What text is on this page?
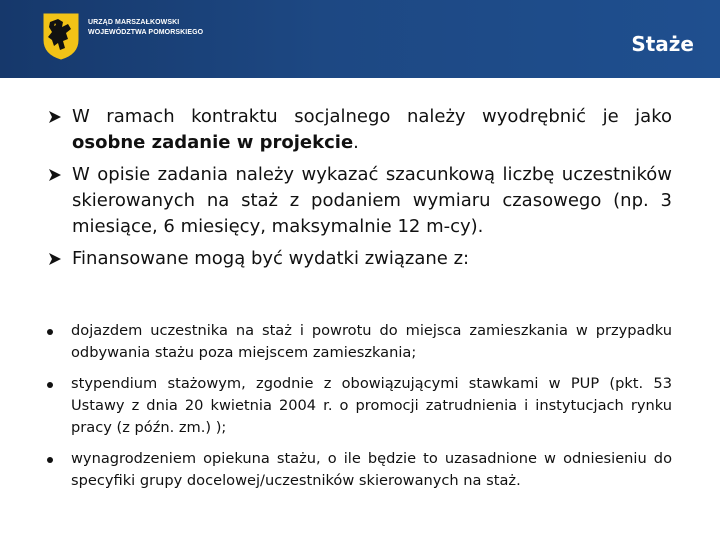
URZĄD MARSZAŁKOWSKI
WOJEWÓDZTWA POMORSKIEGO	Staże
W ramach kontraktu socjalnego należy wyodrębnić je jako osobne zadanie w projekcie.
W opisie zadania należy wykazać szacunkową liczbę uczestników skierowanych na staż z podaniem wymiaru czasowego (np. 3 miesiące, 6 miesięcy, maksymalnie 12 m-cy).
Finansowane mogą być wydatki związane z:
dojazdem uczestnika na staż i powrotu do miejsca zamieszkania w przypadku odbywania stażu poza miejscem zamieszkania;
stypendium stażowym, zgodnie z obowiązującymi stawkami w PUP (pkt. 53 Ustawy z dnia 20 kwietnia 2004 r. o promocji zatrudnienia i instytucjach rynku pracy (z późn. zm.) );
wynagrodzeniem opiekuna stażu, o ile będzie to uzasadnione w odniesieniu do specyfiki grupy docelowej/uczestników skierowanych na staż.
